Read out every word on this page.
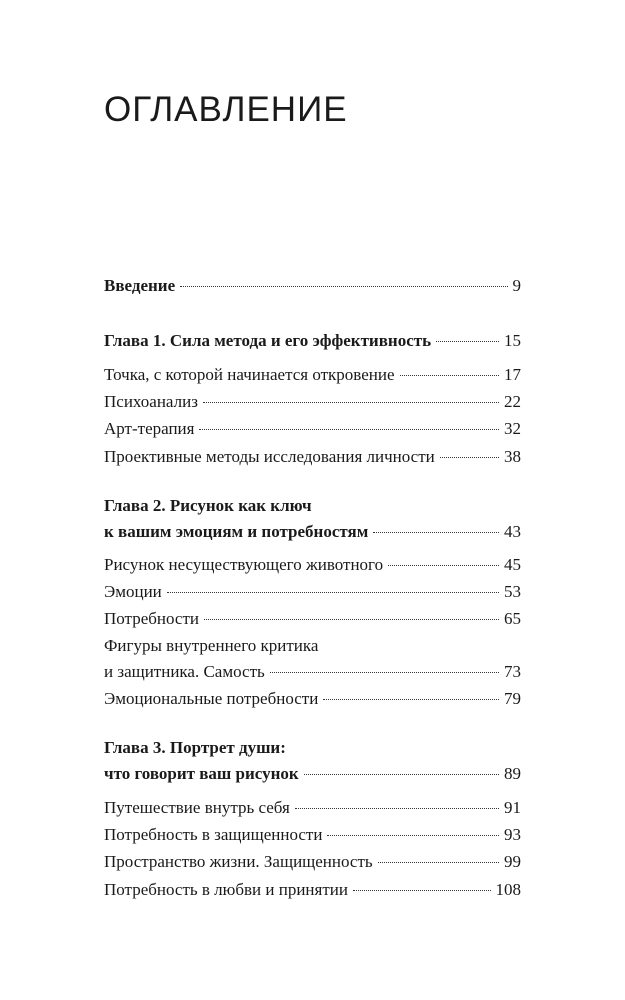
ОГЛАВЛЕНИЕ
Введение	9
Глава 1. Сила метода и его эффективность	15
Точка, с которой начинается откровение	17
Психоанализ	22
Арт-терапия	32
Проективные методы исследования личности	38
Глава 2. Рисунок как ключ
к вашим эмоциям и потребностям	43
Рисунок несуществующего животного	45
Эмоции	53
Потребности	65
Фигуры внутреннего критика
и защитника. Самость	73
Эмоциональные потребности	79
Глава 3. Портрет души:
что говорит ваш рисунок	89
Путешествие внутрь себя	91
Потребность в защищенности	93
Пространство жизни. Защищенность	99
Потребность в любви и принятии	108
